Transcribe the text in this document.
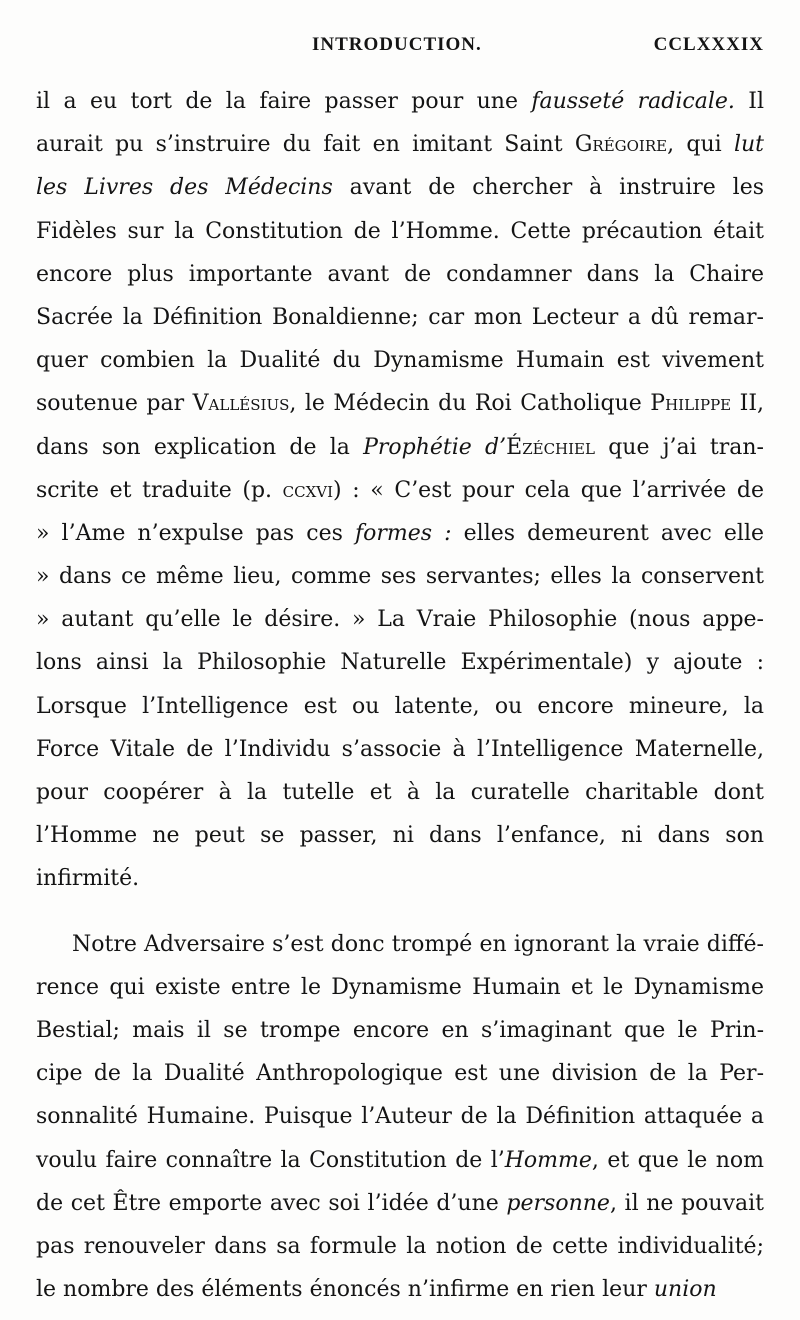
INTRODUCTION.	CCLXXXIX
il a eu tort de la faire passer pour une fausseté radicale. Il
aurait pu s’instruire du fait en imitant Saint Grégoire, qui lut
les Livres des Médecins avant de chercher à instruire les
Fidèles sur la Constitution de l’Homme. Cette précaution était
encore plus importante avant de condamner dans la Chaire
Sacrée la Définition Bonaldienne; car mon Lecteur a dû remar-
quer combien la Dualité du Dynamisme Humain est vivement
soutenue par Vallésius, le Médecin du Roi Catholique Philippe II,
dans son explication de la Prophétie d’Ézéchiel que j’ai tran-
scrite et traduite (p. ccxvi) : « C’est pour cela que l’arrivée de
» l’Ame n’expulse pas ces formes : elles demeurent avec elle
» dans ce même lieu, comme ses servantes; elles la conservent
» autant qu’elle le désire. » La Vraie Philosophie (nous appe-
lons ainsi la Philosophie Naturelle Expérimentale) y ajoute :
Lorsque l’Intelligence est ou latente, ou encore mineure, la
Force Vitale de l’Individu s’associe à l’Intelligence Maternelle,
pour coopérer à la tutelle et à la curatelle charitable dont
l’Homme ne peut se passer, ni dans l’enfance, ni dans son
infirmité.
Notre Adversaire s’est donc trompé en ignorant la vraie diffé-
rence qui existe entre le Dynamisme Humain et le Dynamisme
Bestial; mais il se trompe encore en s’imaginant que le Prin-
cipe de la Dualité Anthropologique est une division de la Per-
sonnalité Humaine. Puisque l’Auteur de la Définition attaquée a
voulu faire connaître la Constitution de l’Homme, et que le nom
de cet Être emporte avec soi l’idée d’une personne, il ne pouvait
pas renouveler dans sa formule la notion de cette individualité;
le nombre des éléments énoncés n’infirme en rien leur union
